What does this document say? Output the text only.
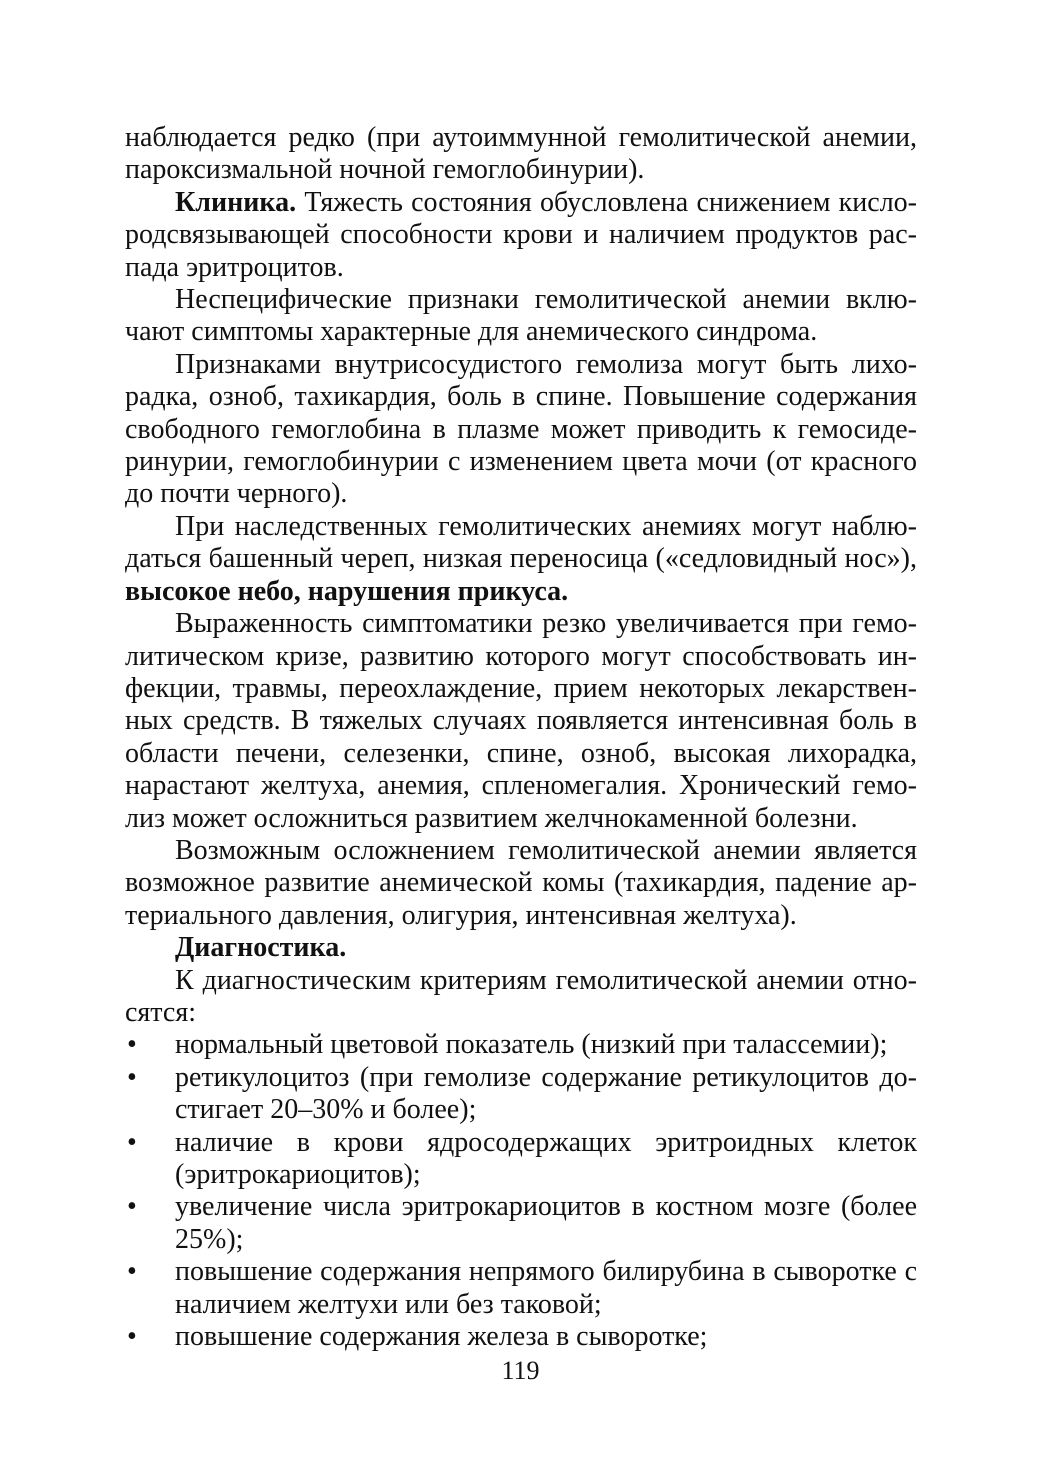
наблюдается редко (при аутоиммунной гемолитической анемии, пароксизмальной ночной гемоглобинурии).

Клиника. Тяжесть состояния обусловлена снижением кислородсвязывающей способности крови и наличием продуктов распада эритроцитов.

Неспецифические признаки гемолитической анемии включают симптомы характерные для анемического синдрома.

Признаками внутрисосудистого гемолиза могут быть лихорадка, озноб, тахикардия, боль в спине. Повышение содержания свободного гемоглобина в плазме может приводить к гемосидеринурии, гемоглобинурии с изменением цвета мочи (от красного до почти черного).

При наследственных гемолитических анемиях могут наблюдаться башенный череп, низкая переносица («седловидный нос»), высокое небо, нарушения прикуса.

Выраженность симптоматики резко увеличивается при гемолитическом кризе, развитию которого могут способствовать инфекции, травмы, переохлаждение, прием некоторых лекарственных средств. В тяжелых случаях появляется интенсивная боль в области печени, селезенки, спине, озноб, высокая лихорадка, нарастают желтуха, анемия, спленомегалия. Хронический гемолиз может осложниться развитием желчнокаменной болезни.

Возможным осложнением гемолитической анемии является возможное развитие анемической комы (тахикардия, падение артериального давления, олигурия, интенсивная желтуха).

Диагностика.

К диагностическим критериям гемолитической анемии относятся:

• нормальный цветовой показатель (низкий при талассемии);
• ретикулоцитоз (при гемолизе содержание ретикулоцитов достигает 20–30% и более);
• наличие в крови ядросодержащих эритроидных клеток (эритрокариоцитов);
• увеличение числа эритрокариоцитов в костном мозге (более 25%);
• повышение содержания непрямого билирубина в сыворотке с наличием желтухи или без таковой;
• повышение содержания железа в сыворотке;
119
